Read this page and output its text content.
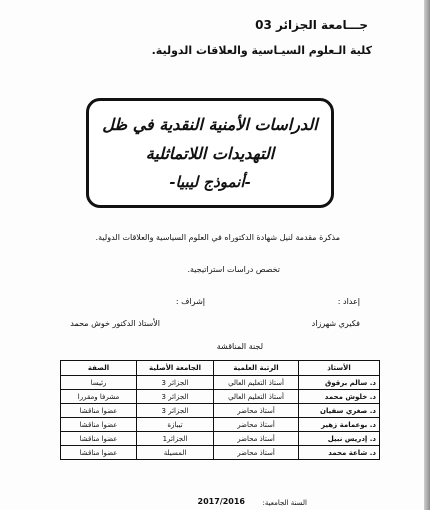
جـــامعة الجزائر 03
كلية الـعلوم السيـاسية والعلاقات الدولية.
الدراسات الأمنية النقدية في ظل
التهديدات اللاتماثلية
-أنموذج ليبيا-
مذكرة مقدمة لنيل شهادة الدكتوراه في العلوم السياسية والعلاقات الدولية.
تخصص دراسات استراتيجية.
إعداد :
إشراف :
فكيري شهرزاد
الأستاذ الدكتور خوش محمد
لجنة المناقشة
الأستاذ	الرتبة العلمية	الجامعة الأصلية	الصفة
د. سالم برقوق	أستاذ التعليم العالي	الجزائر 3	رئيسا
د. خلوش محمد	أستاذ التعليم العالي	الجزائر 3	مشرفا ومقررا
د. صغري سفيان	أستاذ محاضر	الجزائر 3	عضوا مناقشا
د. بوعمامة زهير	أستاذ محاضر	تيبازة	عضوا مناقشا
د. إدريس نبيل	أستاذ محاضر	الجزائر1	عضوا مناقشا
د. شاعة محمد	أستاذ محاضر	المسيلة	عضوا مناقشا
السنة الجامعية:
2017/2016
